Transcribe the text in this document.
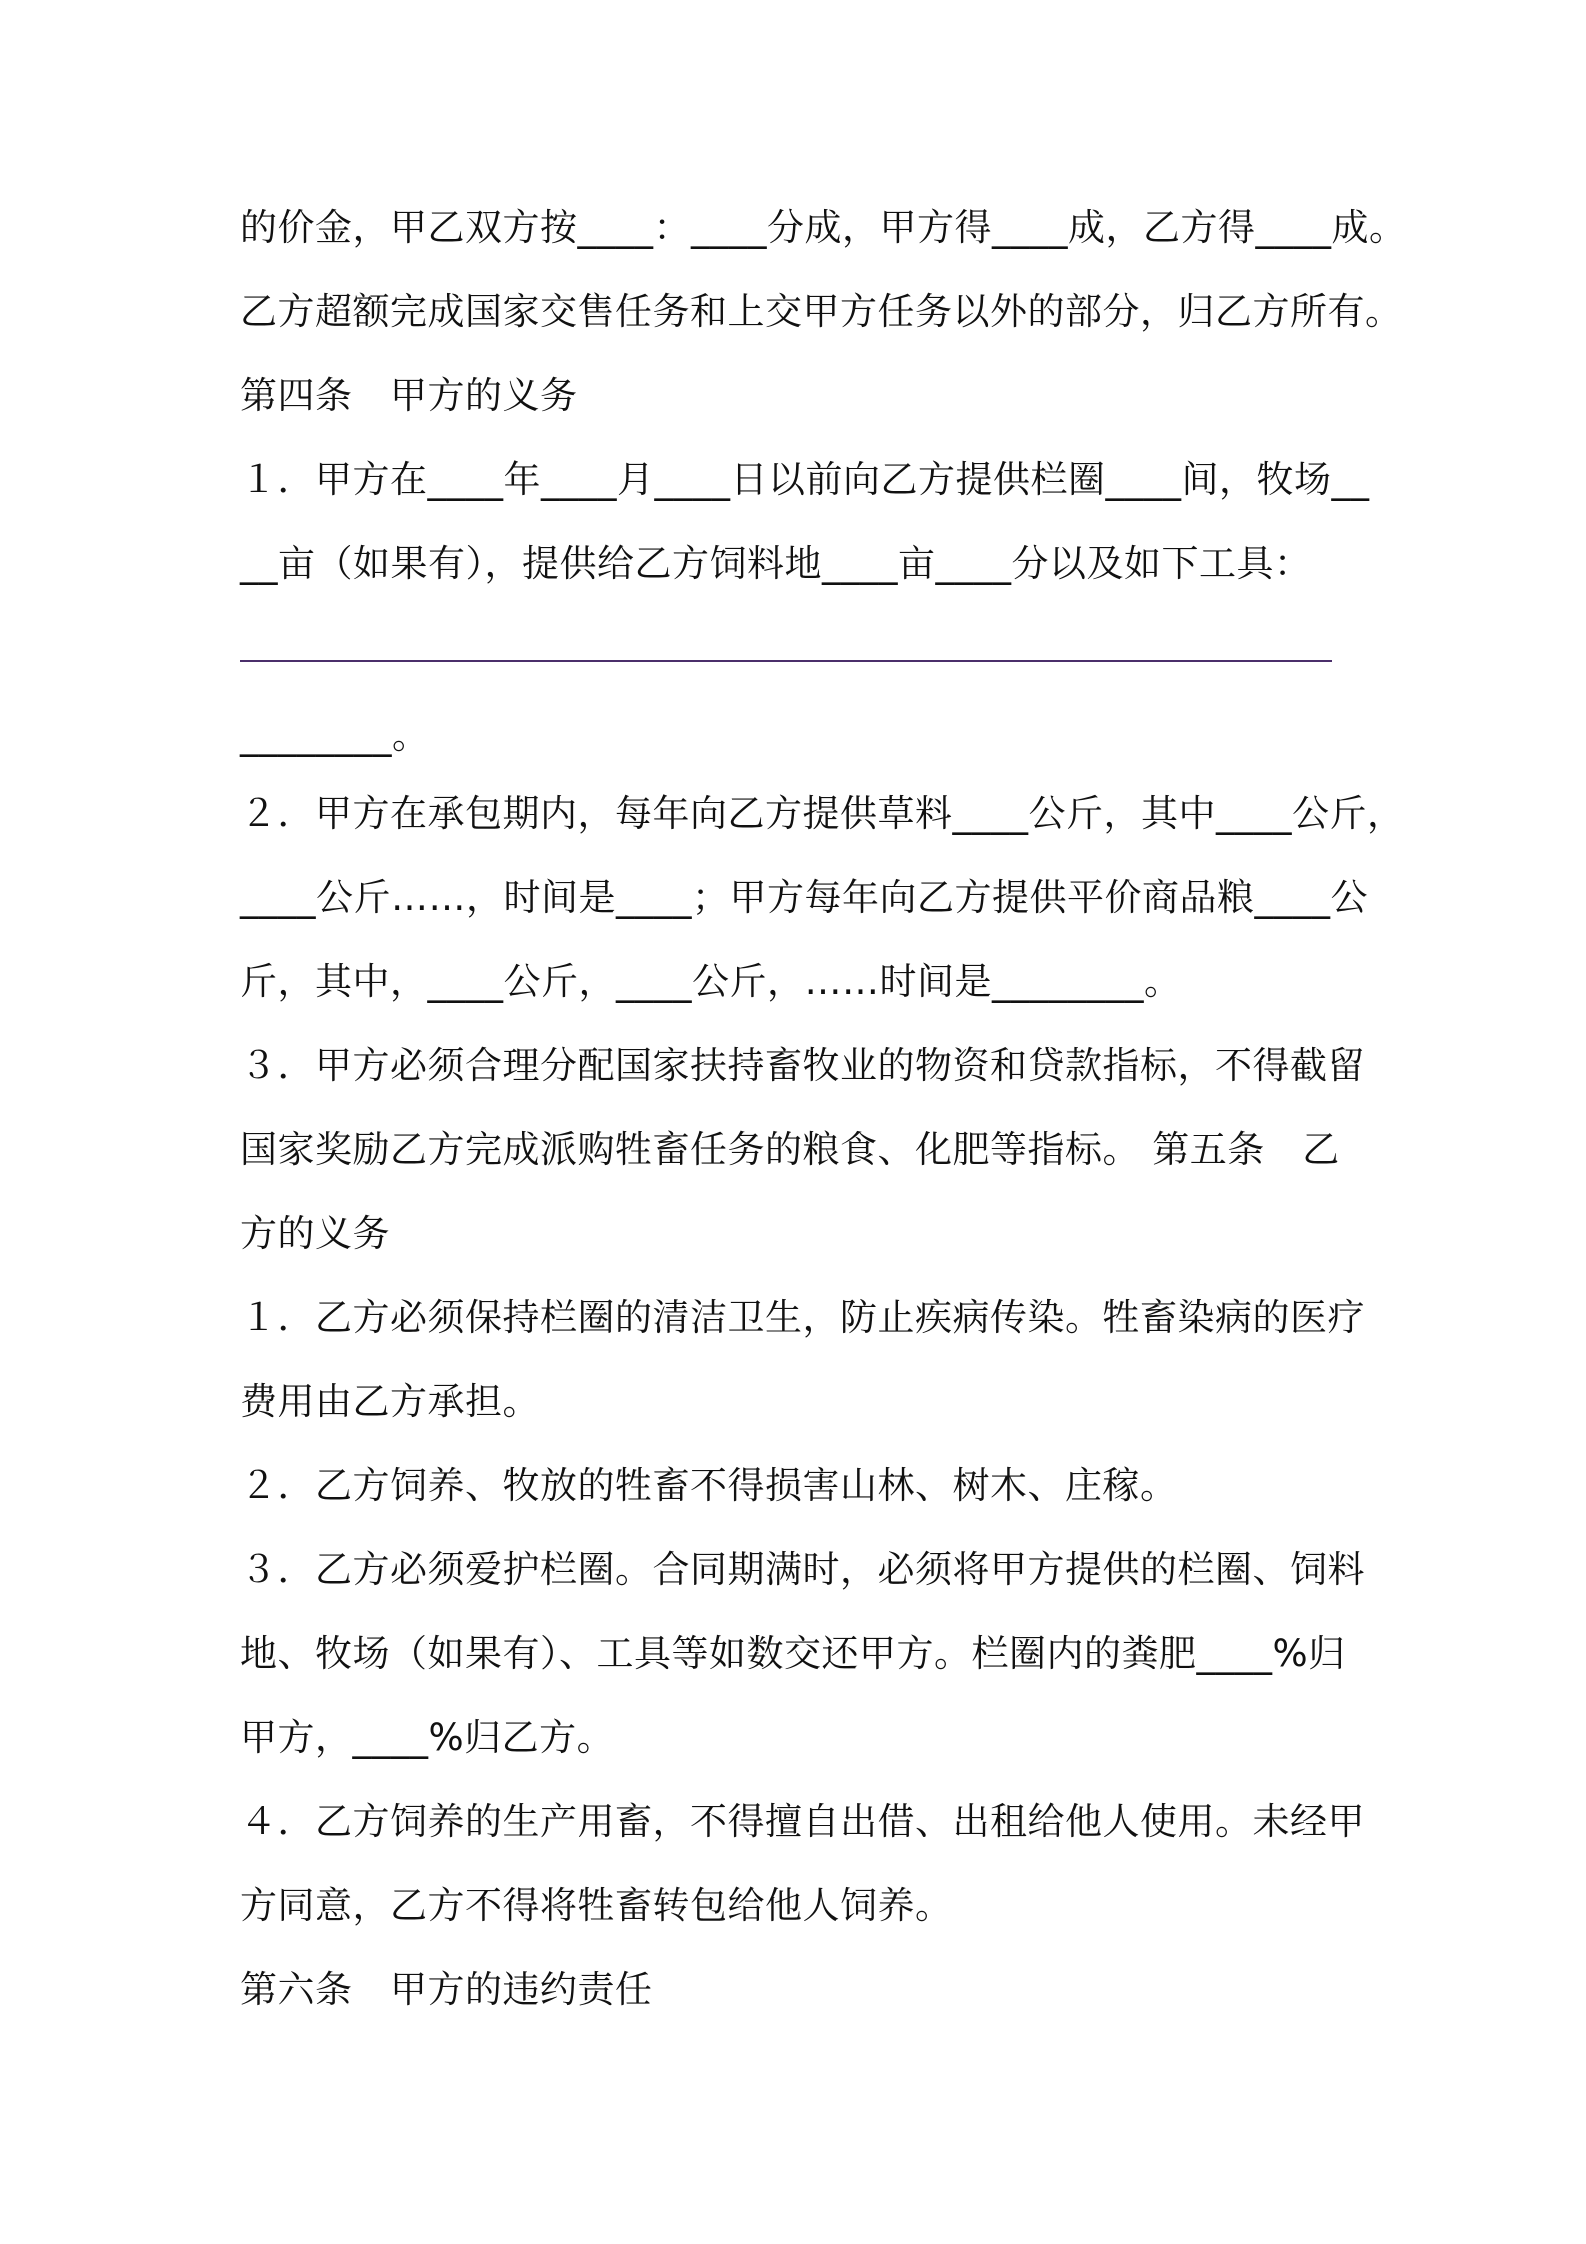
的价金，甲乙双方按____：____分成，甲方得____成，乙方得____成。
乙方超额完成国家交售任务和上交甲方任务以外的部分，归乙方所有。
第四条　甲方的义务
１．甲方在____年____月____日以前向乙方提供栏圈____间，牧场__
__亩（如果有），提供给乙方饲料地____亩____分以及如下工具：
________。
２．甲方在承包期内，每年向乙方提供草料____公斤，其中____公斤，
____公斤……，时间是____；甲方每年向乙方提供平价商品粮____公
斤，其中，____公斤，____公斤，……时间是________。
３．甲方必须合理分配国家扶持畜牧业的物资和贷款指标，不得截留
国家奖励乙方完成派购牲畜任务的粮食、化肥等指标。 第五条　乙
方的义务
１．乙方必须保持栏圈的清洁卫生，防止疾病传染。牲畜染病的医疗
费用由乙方承担。
２．乙方饲养、牧放的牲畜不得损害山林、树木、庄稼。
３．乙方必须爱护栏圈。合同期满时，必须将甲方提供的栏圈、饲料
地、牧场（如果有）、工具等如数交还甲方。栏圈内的粪肥____%归
甲方，____%归乙方。
４．乙方饲养的生产用畜，不得擅自出借、出租给他人使用。未经甲
方同意，乙方不得将牲畜转包给他人饲养。
第六条　甲方的违约责任
